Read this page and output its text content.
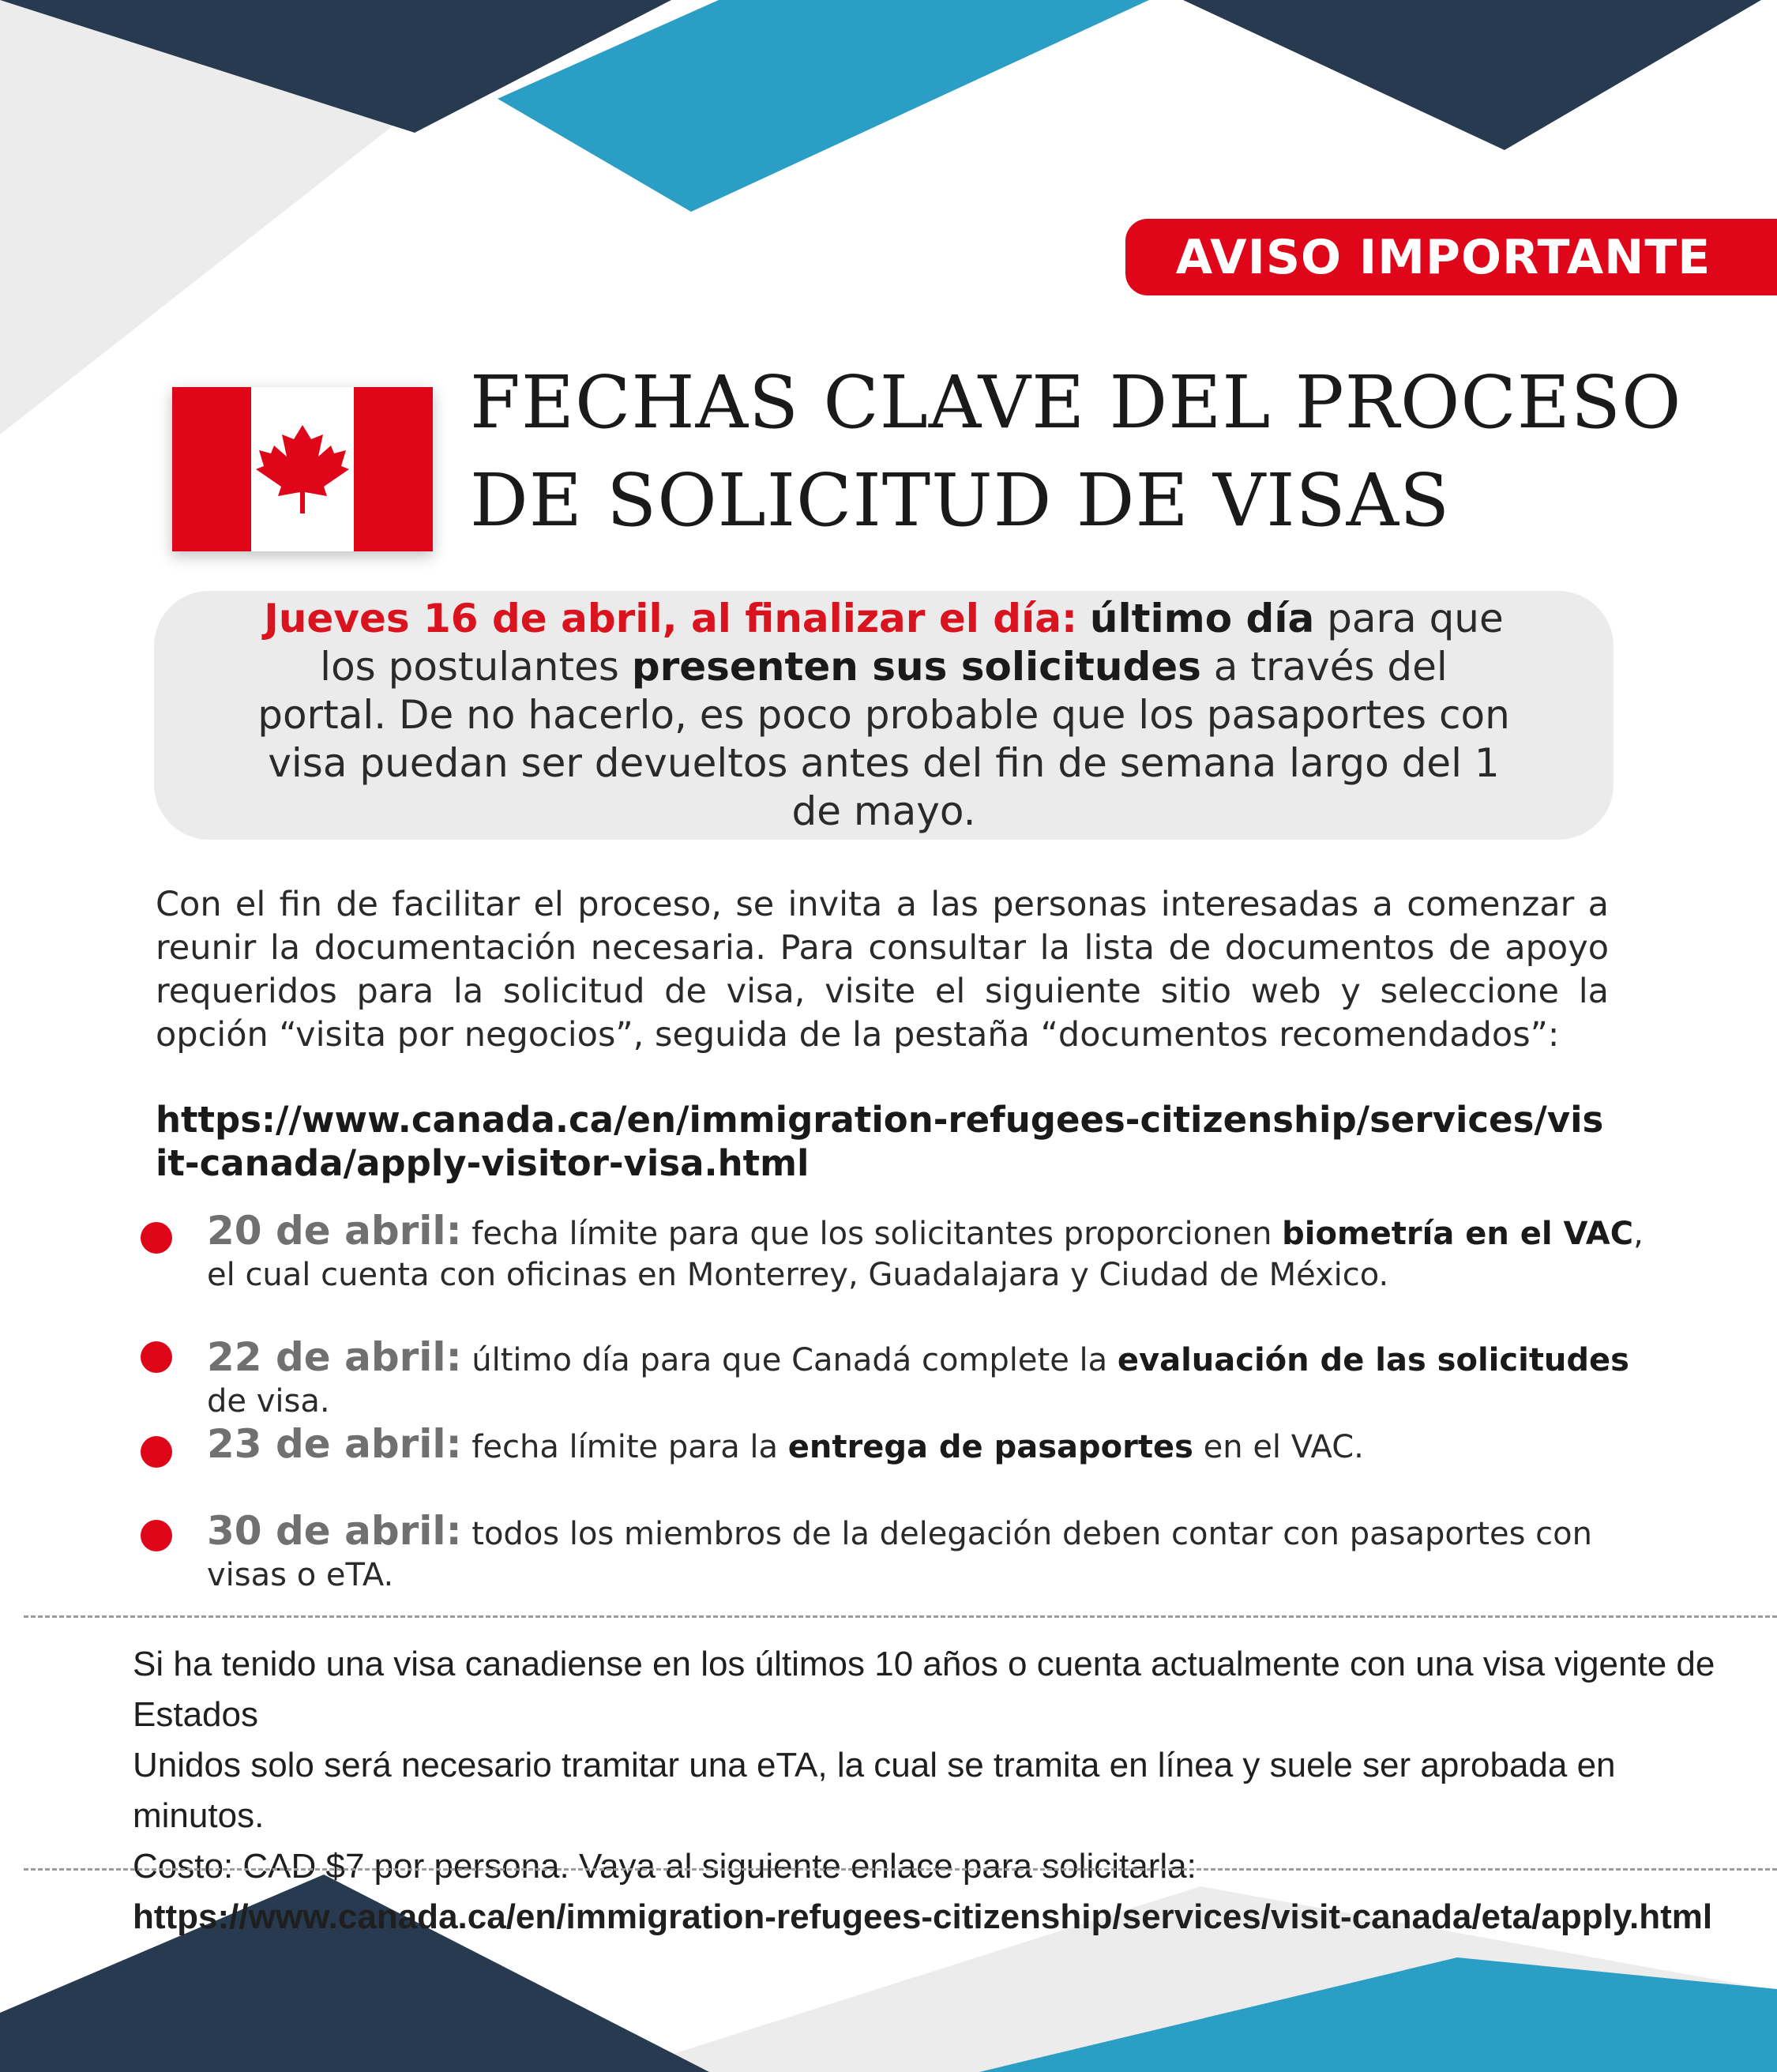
AVISO IMPORTANTE
FECHAS CLAVE DEL PROCESO
DE SOLICITUD DE VISAS

Jueves 16 de abril, al finalizar el día: último día para que los postulantes presenten sus solicitudes a través del portal. De no hacerlo, es poco probable que los pasaportes con visa puedan ser devueltos antes del fin de semana largo del 1 de mayo.

Con el fin de facilitar el proceso, se invita a las personas interesadas a comenzar a reunir la documentación necesaria. Para consultar la lista de documentos de apoyo requeridos para la solicitud de visa, visite el siguiente sitio web y seleccione la opción “visita por negocios”, seguida de la pestaña “documentos recomendados”:

https://www.canada.ca/en/immigration-refugees-citizenship/services/visit-canada/apply-visitor-visa.html
20 de abril: fecha límite para que los solicitantes proporcionen biometría en el VAC, el cual cuenta con oficinas en Monterrey, Guadalajara y Ciudad de México.
22 de abril: último día para que Canadá complete la evaluación de las solicitudes de visa.
23 de abril: fecha límite para la entrega de pasaportes en el VAC.
30 de abril: todos los miembros de la delegación deben contar con pasaportes con visas o eTA.

Si ha tenido una visa canadiense en los últimos 10 años o cuenta actualmente con una visa vigente de Estados

Unidos solo será necesario tramitar una eTA, la cual se tramita en línea y suele ser aprobada en minutos.

Costo: CAD $7 por persona. Vaya al siguiente enlace para solicitarla:

https://www.canada.ca/en/immigration-refugees-citizenship/services/visit-canada/eta/apply.html
